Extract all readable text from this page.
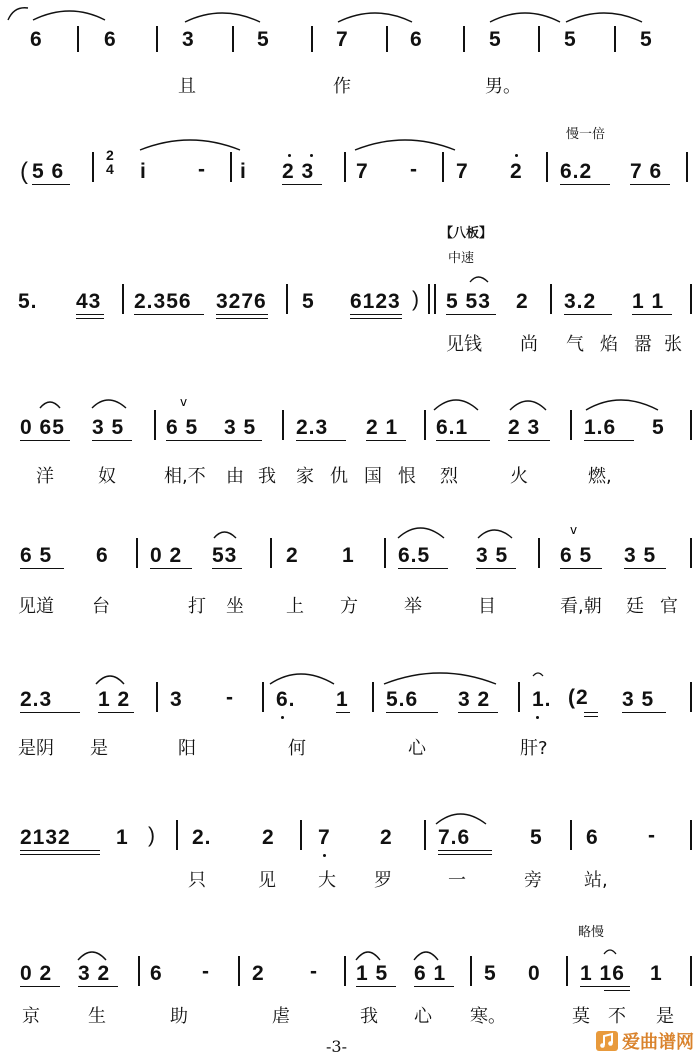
6	6	3	5	7	6	5	5	5
且	作	男。
慢一倍
( 5 6
2
4 i - i 2 3 7 - 7 2 6.2 7 6
【八板】
中速
5. 43 2.356 3276 5 6123 ) 5 53 2 3.2 1 1
见钱 尚 气 焰 嚣 张
v
0 65 3 5 6 5 3 5 2.3 2 1 6.1 2 3 1.6 5
洋 奴	相,不 由 我 家 仇 国 恨 烈	火	燃,
v
6 5 6 0 2 53 2 1 6.5 3 5 6 5 3 5
见道 台	打 坐 上 方	举	目	看,朝 廷 官
2.3 1 2 3 - 6. 1 5.6 3 2 1. (2 3 5
是阴 是	阳	何	心	肝?
2132 1 ) 2. 2 7 2 7.6	5 6 -
只	见 大 罗	一	旁 站,
略慢
0 2 3 2 6 - 2 - 1 5 6 1 5 0 1 16 1
京	生	助	虐	我 心 寒。	莫 不 是
-3-	爱曲谱网
